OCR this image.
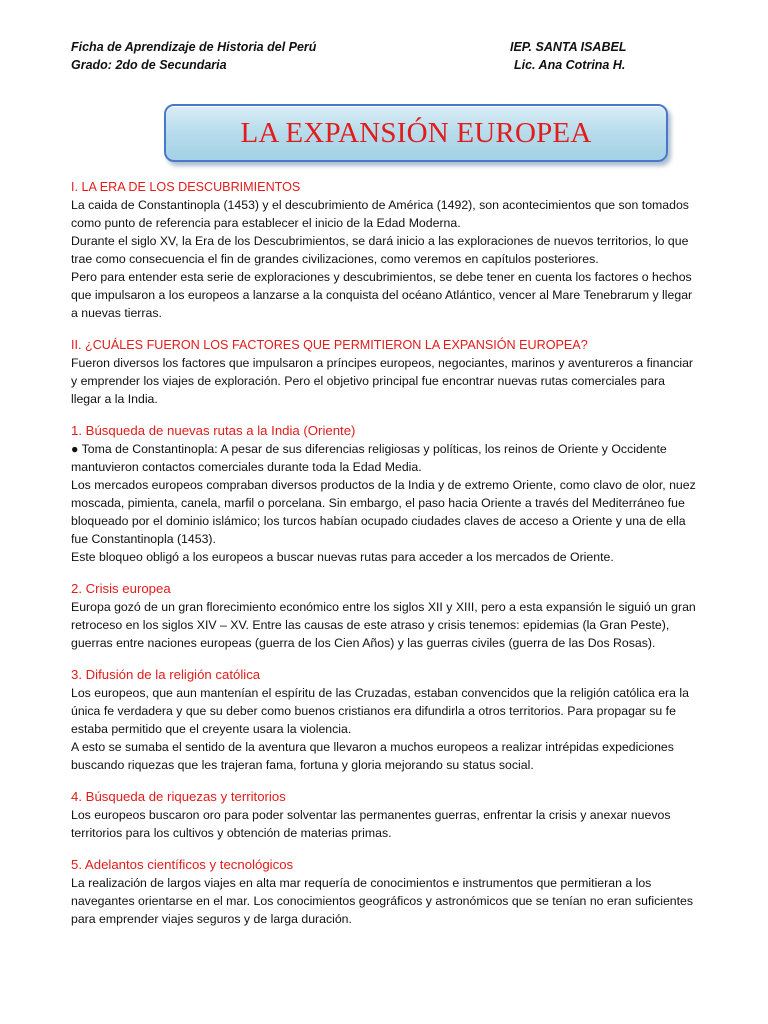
Ficha de Aprendizaje de Historia del Perú
Grado: 2do de Secundaria
IEP. SANTA ISABEL
Lic. Ana Cotrina H.
LA EXPANSIÓN EUROPEA

I. LA ERA DE LOS DESCUBRIMIENTOS

La caida de Constantinopla (1453) y el descubrimiento de América (1492), son acontecimientos que son tomados

como punto de referencia para establecer el inicio de la Edad Moderna.

Durante el siglo XV, la Era de los Descubrimientos, se dará inicio a las exploraciones de nuevos territorios, lo que

trae como consecuencia el fin de grandes civilizaciones, como veremos en capítulos posteriores.

Pero para entender esta serie de exploraciones y descubrimientos, se debe tener en cuenta los factores o hechos

que impulsaron a los europeos a lanzarse a la conquista del océano Atlántico, vencer al Mare Tenebrarum y llegar

a nuevas tierras.

II. ¿CUÁLES FUERON LOS FACTORES QUE PERMITIERON LA EXPANSIÓN EUROPEA?

Fueron diversos los factores que impulsaron a príncipes europeos, negociantes, marinos y aventureros a financiar

y emprender los viajes de exploración. Pero el objetivo principal fue encontrar nuevas rutas comerciales para

llegar a la India.

1. Búsqueda de nuevas rutas a la India (Oriente)

● Toma de Constantinopla: A pesar de sus diferencias religiosas y políticas, los reinos de Oriente y Occidente

mantuvieron contactos comerciales durante toda la Edad Media.

Los mercados europeos compraban diversos productos de la India y de extremo Oriente, como clavo de olor, nuez

moscada, pimienta, canela, marfil o porcelana. Sin embargo, el paso hacia Oriente a través del Mediterráneo fue

bloqueado por el dominio islámico; los turcos habían ocupado ciudades claves de acceso a Oriente y una de ella

fue Constantinopla (1453).

Este bloqueo obligó a los europeos a buscar nuevas rutas para acceder a los mercados de Oriente.

2. Crisis europea

Europa gozó de un gran florecimiento económico entre los siglos XII y XIII, pero a esta expansión le siguió un gran

retroceso en los siglos XIV – XV. Entre las causas de este atraso y crisis tenemos: epidemias (la Gran Peste),

guerras entre naciones europeas (guerra de los Cien Años) y las guerras civiles (guerra de las Dos Rosas).

3. Difusión de la religión católica

Los europeos, que aun mantenían el espíritu de las Cruzadas, estaban convencidos que la religión católica era la

única fe verdadera y que su deber como buenos cristianos era difundirla a otros territorios. Para propagar su fe

estaba permitido que el creyente usara la violencia.

A esto se sumaba el sentido de la aventura que llevaron a muchos europeos a realizar intrépidas expediciones

buscando riquezas que les trajeran fama, fortuna y gloria mejorando su status social.

4. Búsqueda de riquezas y territorios

Los europeos buscaron oro para poder solventar las permanentes guerras, enfrentar la crisis y anexar nuevos

territorios para los cultivos y obtención de materias primas.

5. Adelantos científicos y tecnológicos

La realización de largos viajes en alta mar requería de conocimientos e instrumentos que permitieran a los

navegantes orientarse en el mar. Los conocimientos geográficos y astronómicos que se tenían no eran suficientes

para emprender viajes seguros y de larga duración.
